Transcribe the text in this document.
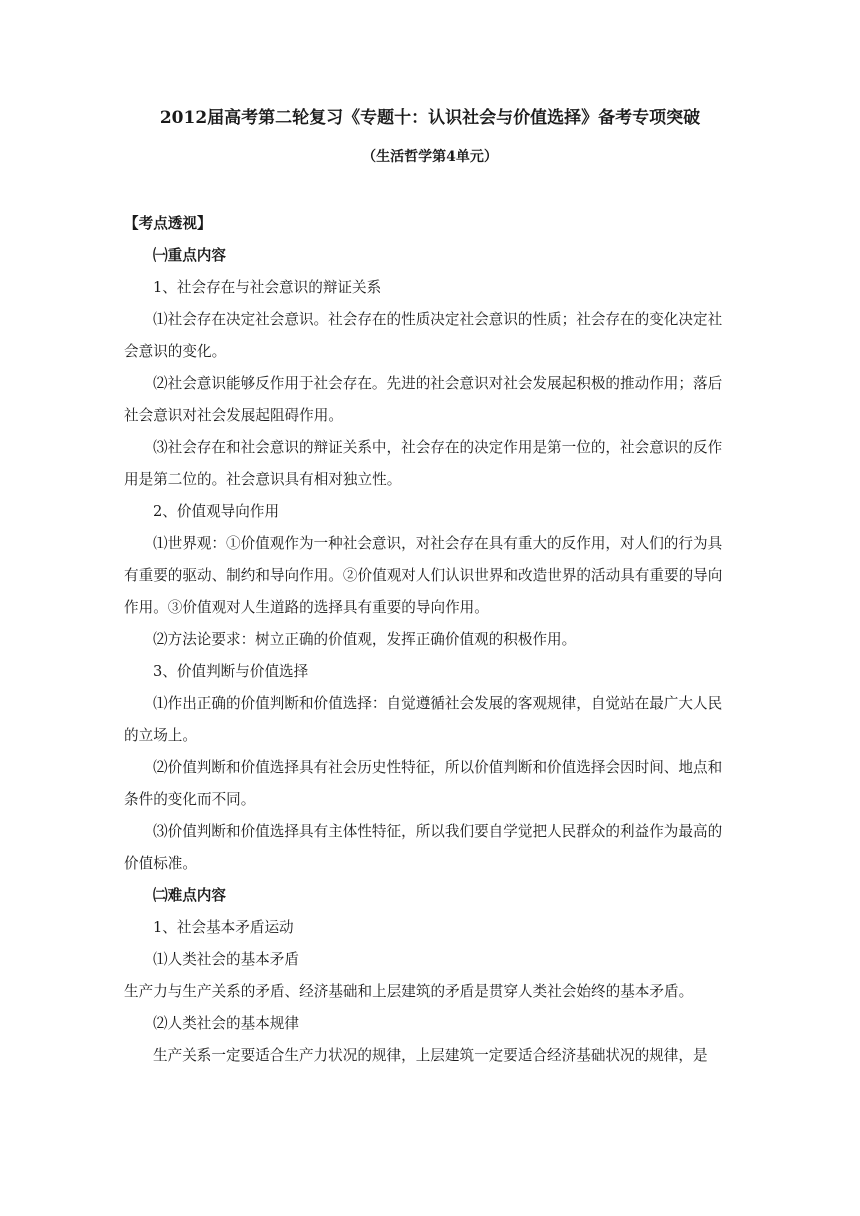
2012届高考第二轮复习《专题十：认识社会与价值选择》备考专项突破
（生活哲学第4单元）

【考点透视】

㈠重点内容

1、社会存在与社会意识的辩证关系

⑴社会存在决定社会意识。社会存在的性质决定社会意识的性质；社会存在的变化决定社会意识的变化。

⑵社会意识能够反作用于社会存在。先进的社会意识对社会发展起积极的推动作用；落后社会意识对社会发展起阻碍作用。

⑶社会存在和社会意识的辩证关系中，社会存在的决定作用是第一位的，社会意识的反作用是第二位的。社会意识具有相对独立性。

2、价值观导向作用

⑴世界观：①价值观作为一种社会意识，对社会存在具有重大的反作用，对人们的行为具有重要的驱动、制约和导向作用。②价值观对人们认识世界和改造世界的活动具有重要的导向作用。③价值观对人生道路的选择具有重要的导向作用。

⑵方法论要求：树立正确的价值观，发挥正确价值观的积极作用。

3、价值判断与价值选择

⑴作出正确的价值判断和价值选择：自觉遵循社会发展的客观规律，自觉站在最广大人民的立场上。

⑵价值判断和价值选择具有社会历史性特征，所以价值判断和价值选择会因时间、地点和条件的变化而不同。

⑶价值判断和价值选择具有主体性特征，所以我们要自学觉把人民群众的利益作为最高的价值标准。

㈡难点内容

1、社会基本矛盾运动

⑴人类社会的基本矛盾

生产力与生产关系的矛盾、经济基础和上层建筑的矛盾是贯穿人类社会始终的基本矛盾。

⑵人类社会的基本规律

生产关系一定要适合生产力状况的规律，上层建筑一定要适合经济基础状况的规律，是
